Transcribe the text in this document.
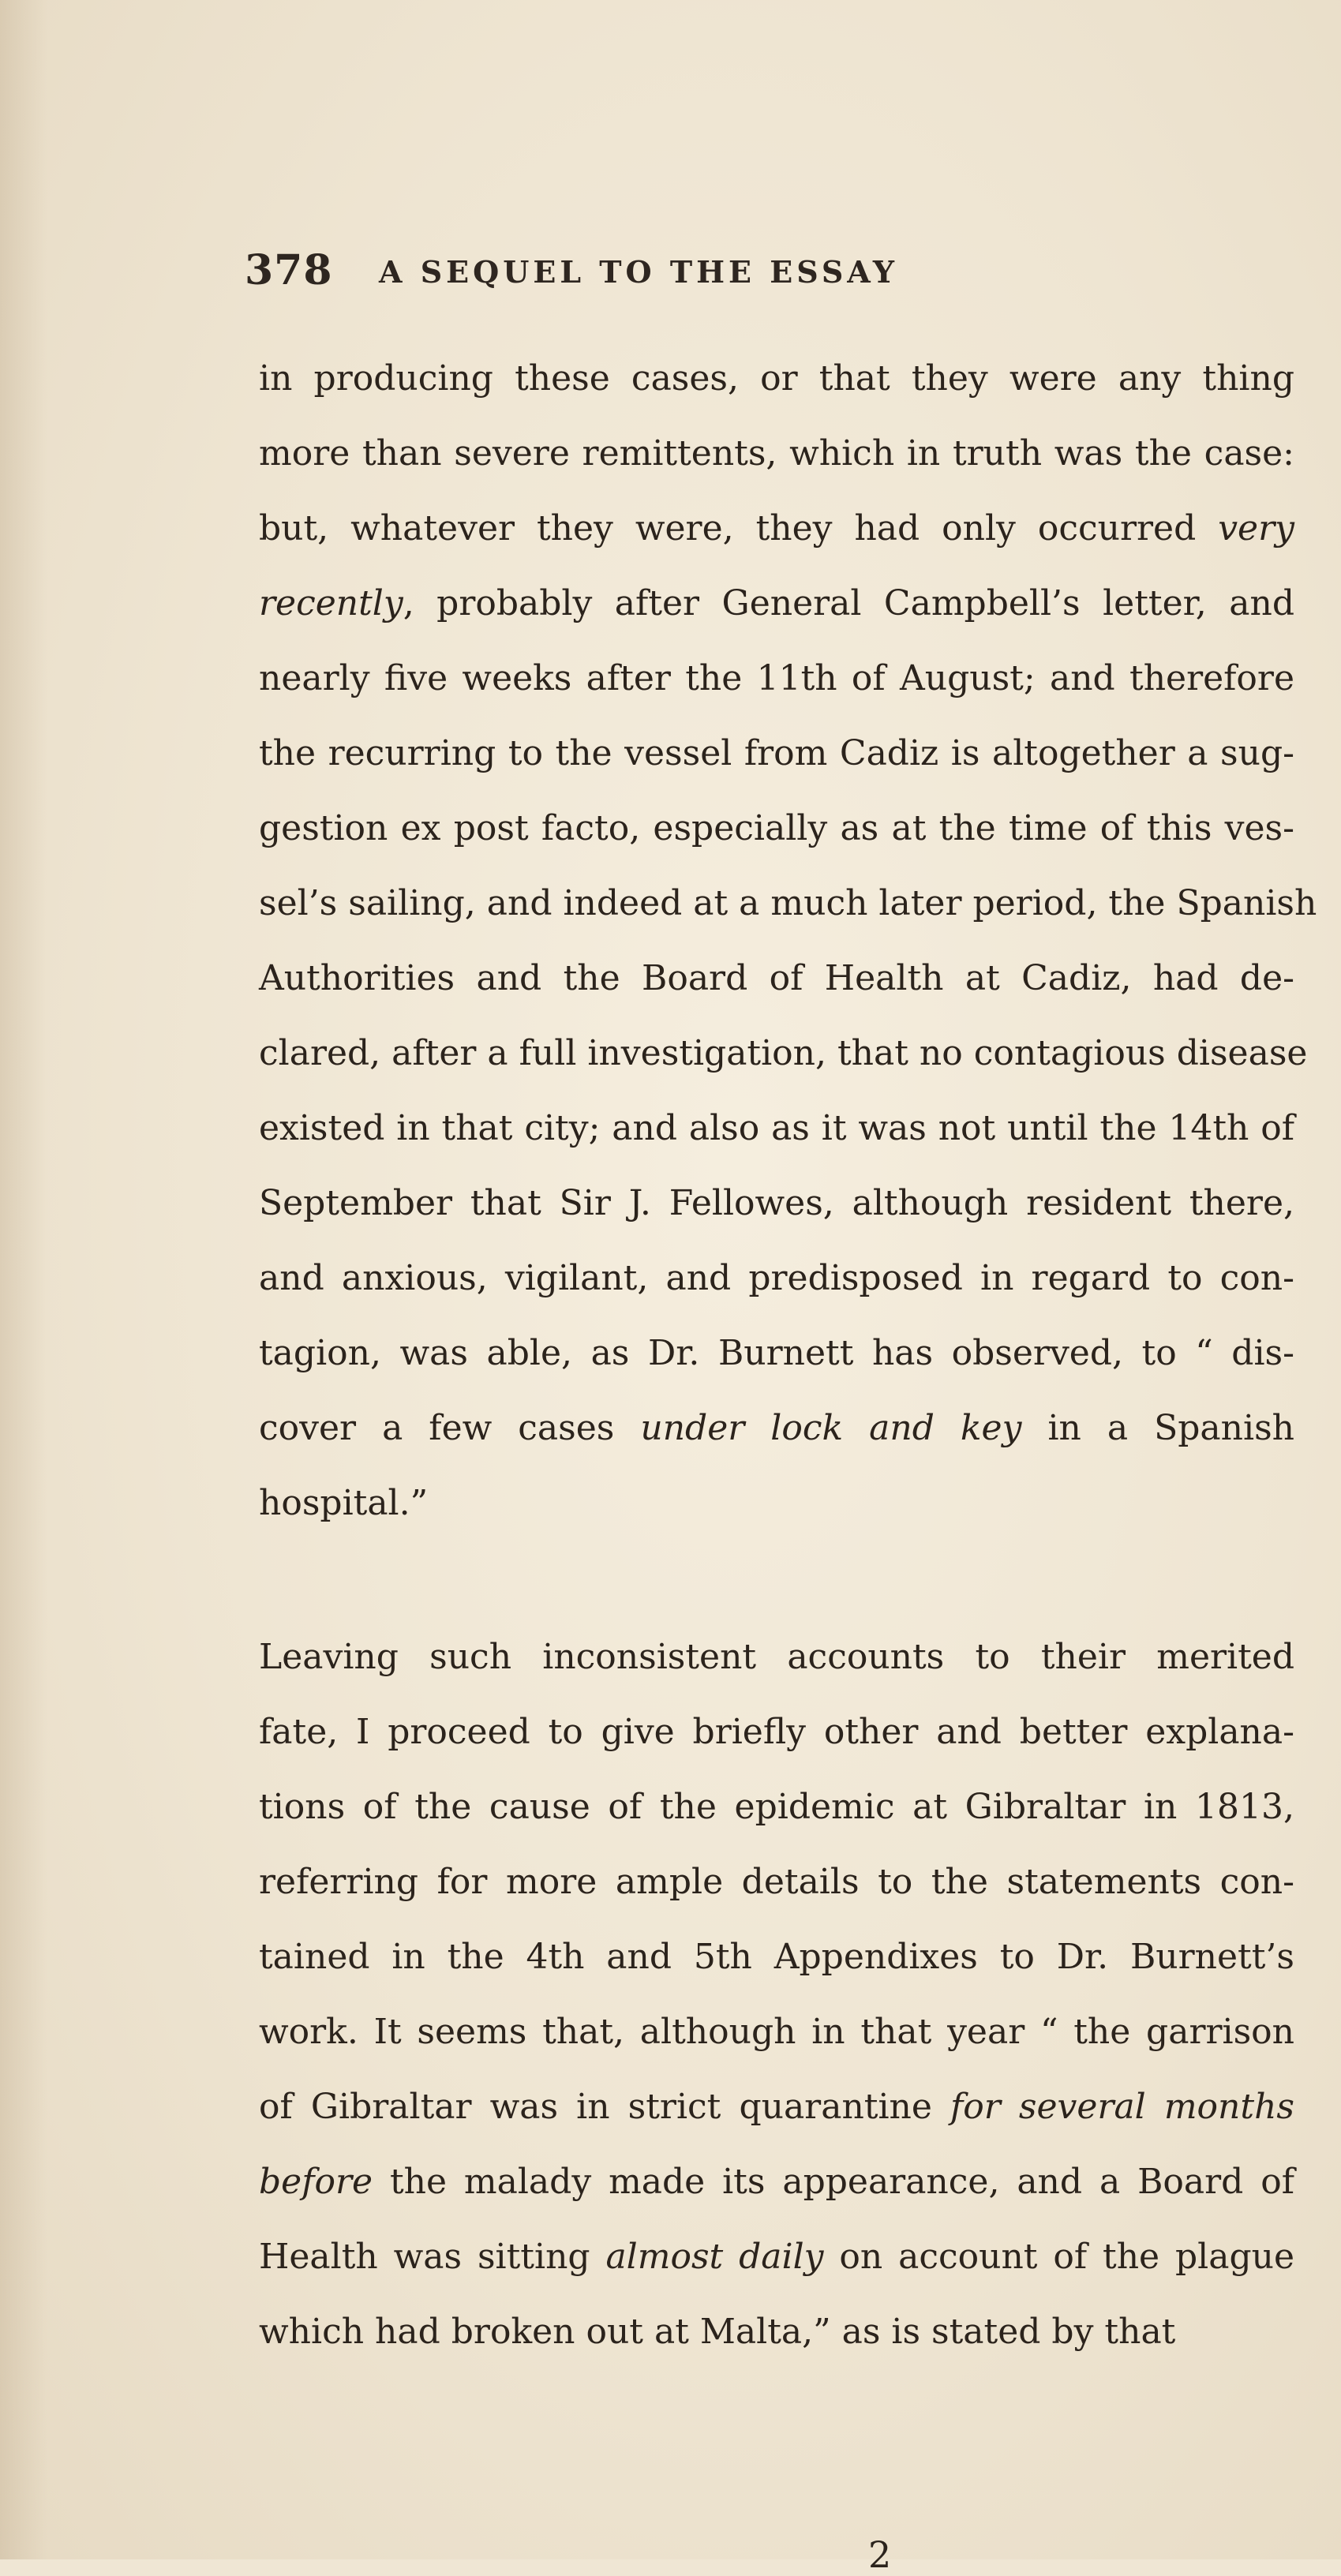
378 A SEQUEL TO THE ESSAY
in producing these cases, or that they were any thing
more than severe remittents, which in truth was the case:
but, whatever they were, they had only occurred very
recently, probably after General Campbell’s letter, and
nearly five weeks after the 11th of August; and therefore
the recurring to the vessel from Cadiz is altogether a sug-
gestion ex post facto, especially as at the time of this ves-
sel’s sailing, and indeed at a much later period, the Spanish
Authorities and the Board of Health at Cadiz, had de-
clared, after a full investigation, that no contagious disease
existed in that city; and also as it was not until the 14th of
September that Sir J. Fellowes, although resident there,
and anxious, vigilant, and predisposed in regard to con-
tagion, was able, as Dr. Burnett has observed, to “ dis-
cover a few cases under lock and key in a Spanish
hospital.”
Leaving such inconsistent accounts to their merited
fate, I proceed to give briefly other and better explana-
tions of the cause of the epidemic at Gibraltar in 1813,
referring for more ample details to the statements con-
tained in the 4th and 5th Appendixes to Dr. Burnett’s
work. It seems that, although in that year “ the garrison
of Gibraltar was in strict quarantine for several months
before the malady made its appearance, and a Board of
Health was sitting almost daily on account of the plague
which had broken out at Malta,” as is stated by that
2
